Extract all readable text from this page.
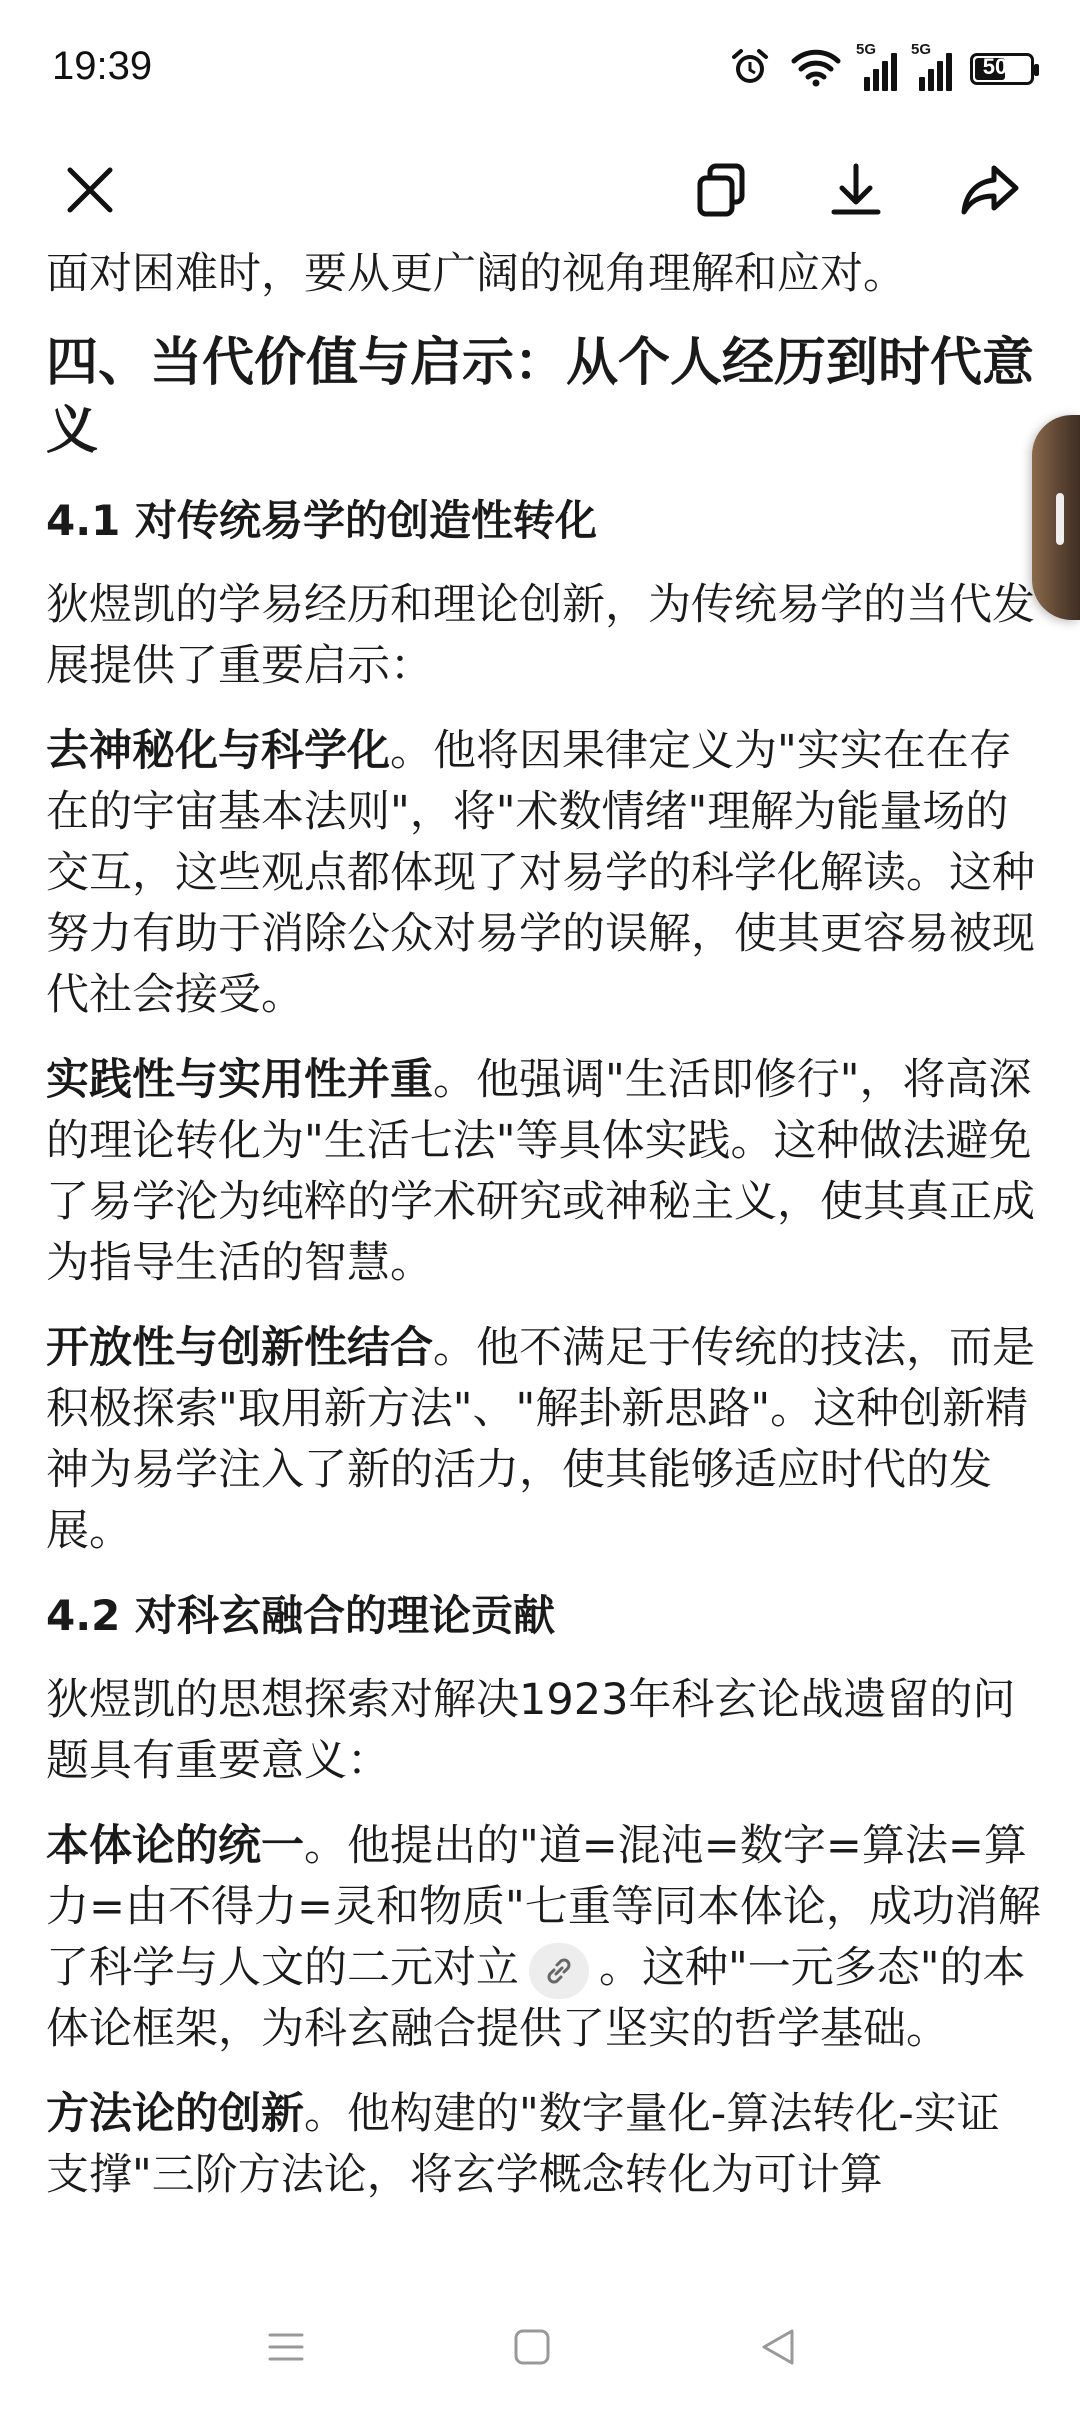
19:39	5G 5G
50

面对困难时，要从更广阔的视角理解和应对。

四、当代价值与启示：从个人经历到时代意义
4.1 对传统易学的创造性转化

狄煜凯的学易经历和理论创新，为传统易学的当代发展提供了重要启示：

去神秘化与科学化。他将因果律定义为"实实在在存在的宇宙基本法则"，将"术数情绪"理解为能量场的交互，这些观点都体现了对易学的科学化解读。这种努力有助于消除公众对易学的误解，使其更容易被现代社会接受。

实践性与实用性并重。他强调"生活即修行"，将高深的理论转化为"生活七法"等具体实践。这种做法避免了易学沦为纯粹的学术研究或神秘主义，使其真正成为指导生活的智慧。

开放性与创新性结合。他不满足于传统的技法，而是积极探索"取用新方法"、"解卦新思路"。这种创新精神为易学注入了新的活力，使其能够适应时代的发展。

4.2 对科玄融合的理论贡献

狄煜凯的思想探索对解决1923年科玄论战遗留的问题具有重要意义：

本体论的统一。他提出的"道=混沌=数字=算法=算力=由不得力=灵和物质"七重等同本体论，成功消解了科学与人文的二元对立 。这种"一元多态"的本体论框架，为科玄融合提供了坚实的哲学基础。

方法论的创新。他构建的"数字量化-算法转化-实证支撑"三阶方法论，将玄学概念转化为可计算
